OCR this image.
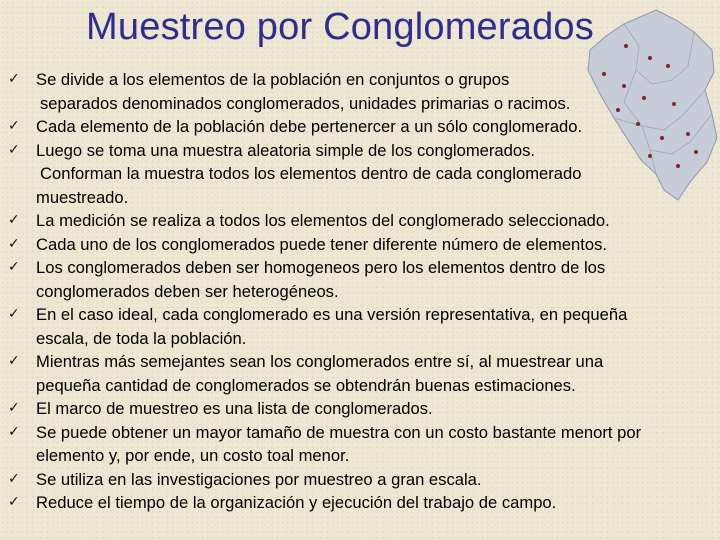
Muestreo por Conglomerados
✓ Se divide a los elementos de la población en conjuntos o grupos
separados denominados conglomerados, unidades primarias o racimos.
✓ Cada elemento de la población debe pertenercer a un sólo conglomerado.
✓ Luego se toma una muestra aleatoria simple de los conglomerados.
Conforman la muestra todos los elementos dentro de cada conglomerado
muestreado.
✓ La medición se realiza a todos los elementos del conglomerado seleccionado.
✓ Cada uno de los conglomerados puede tener diferente número de elementos.
✓ Los conglomerados deben ser homogeneos pero los elementos dentro de los
conglomerados deben ser heterogéneos.
✓ En el caso ideal, cada conglomerado es una versión representativa, en pequeña
escala, de toda la población.
✓ Mientras más semejantes sean los conglomerados entre sí, al muestrear una
pequeña cantidad de conglomerados se obtendrán buenas estimaciones.
✓ El marco de muestreo es una lista de conglomerados.
✓ Se puede obtener un mayor tamaño de muestra con un costo bastante menort por
elemento y, por ende, un costo toal menor.
✓ Se utiliza en las investigaciones por muestreo a gran escala.
✓ Reduce el tiempo de la organización y ejecución del trabajo de campo.
